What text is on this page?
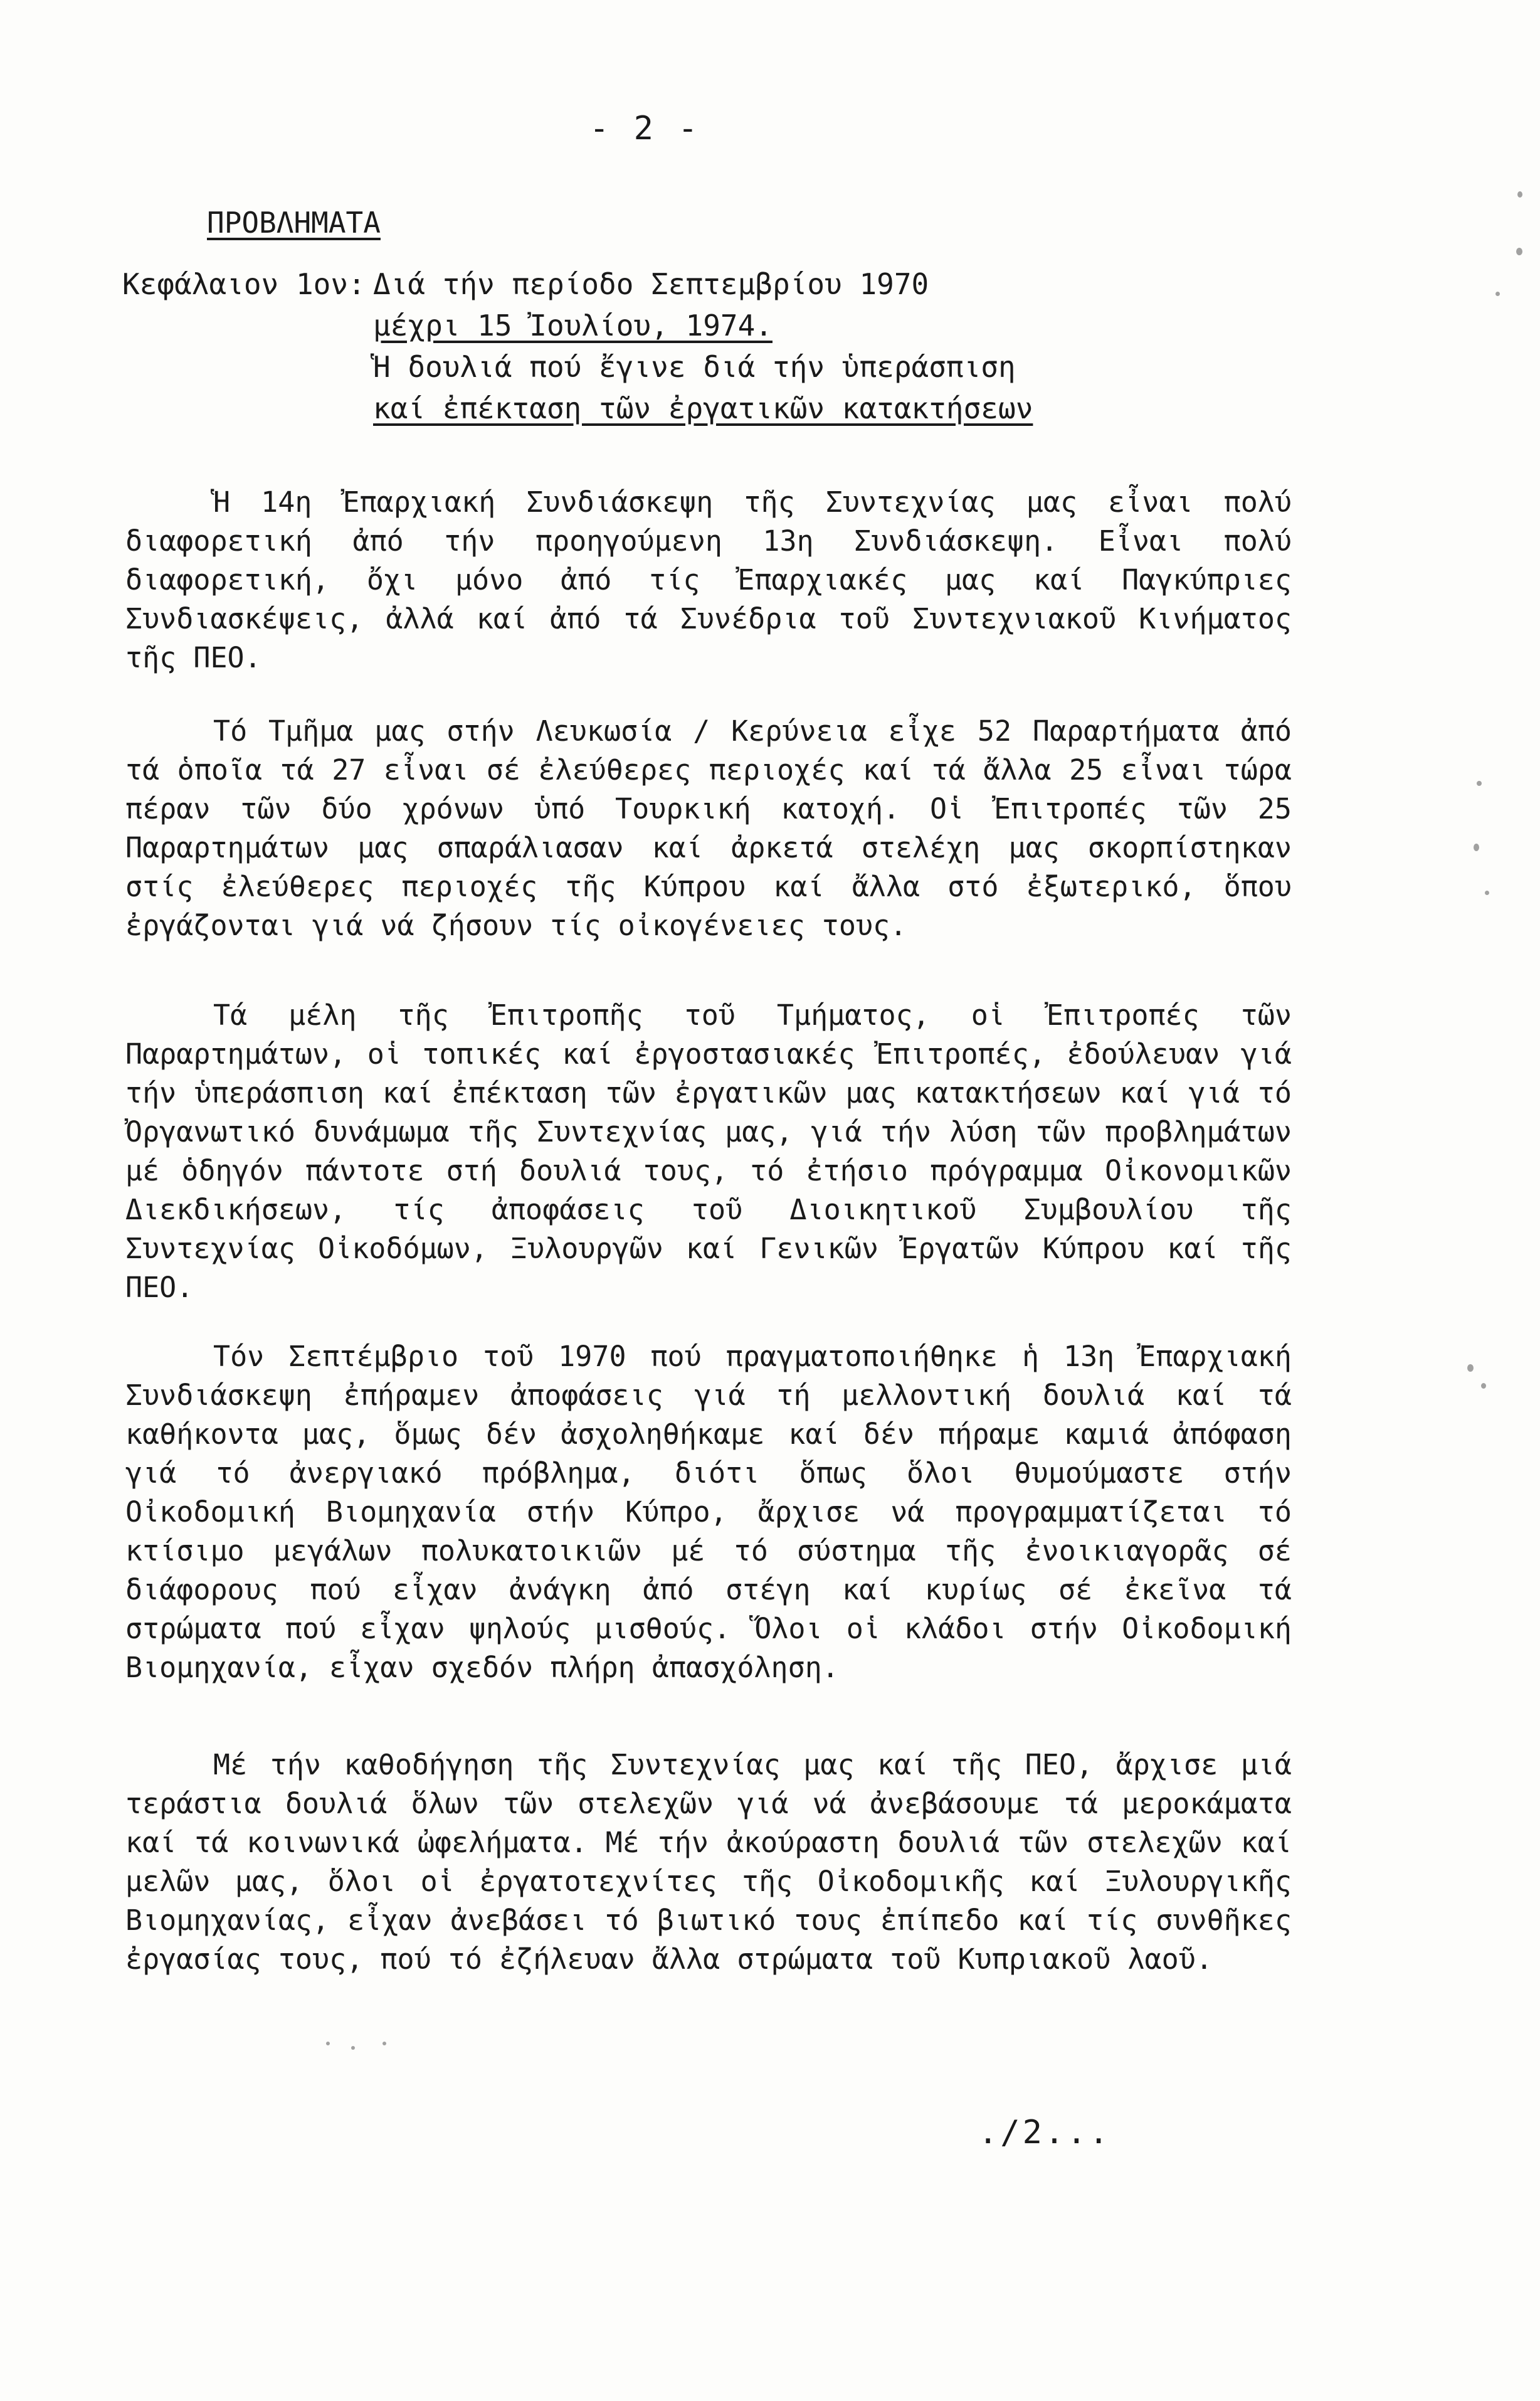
- 2 -
ΠΡΟΒΛΗΜΑΤΑ
Κεφάλαιον 1ον: Διά τήν περίοδο Σεπτεμβρίου 1970
μέχρι 15 Ἰουλίου, 1974.
Ἡ δουλιά πού ἔγινε διά τήν ὑπεράσπιση
καί ἐπέκταση τῶν ἐργατικῶν κατακτήσεων

Ἡ 14η Ἐπαρχιακή Συνδιάσκεψη τῆς Συντεχνίας μας εἶναι πολύ διαφορετική ἀπό τήν προηγούμενη 13η Συνδιάσκεψη. Εἶναι πολύ διαφορετική, ὄχι μόνο ἀπό τίς Ἐπαρχιακές μας καί Παγκύπριες Συνδιασκέψεις, ἀλλά καί ἀπό τά Συνέδρια τοῦ Συντεχνιακοῦ Κινήματος τῆς ΠΕΟ.

Τό Τμῆμα μας στήν Λευκωσία / Κερύνεια εἶχε 52 Παραρτήματα ἀπό τά ὁποῖα τά 27 εἶναι σέ ἐλεύθερες περιοχές καί τά ἄλλα 25 εἶναι τώρα πέραν τῶν δύο χρόνων ὑπό Τουρκική κατοχή. Οἱ Ἐπιτροπές τῶν 25 Παραρτημάτων μας σπαράλιασαν καί ἀρκετά στελέχη μας σκορπίστηκαν στίς ἐλεύθερες περιοχές τῆς Κύπρου καί ἄλλα στό ἐξωτερικό, ὅπου ἐργάζονται γιά νά ζήσουν τίς οἰκογένειες τους.

Τά μέλη τῆς Ἐπιτροπῆς τοῦ Τμήματος, οἱ Ἐπιτροπές τῶν Παραρτημάτων, οἱ τοπικές καί ἐργοστασιακές Ἐπιτροπές, ἐδούλευαν γιά τήν ὑπεράσπιση καί ἐπέκταση τῶν ἐργατικῶν μας κατακτήσεων καί γιά τό Ὀργανωτικό δυνάμωμα τῆς Συντεχνίας μας, γιά τήν λύση τῶν προβλημάτων μέ ὁδηγόν πάντοτε στή δουλιά τους, τό ἐτήσιο πρόγραμμα Οἰκονομικῶν Διεκδικήσεων, τίς ἀποφάσεις τοῦ Διοικητικοῦ Συμβουλίου τῆς Συντεχνίας Οἰκοδόμων, Ξυλουργῶν καί Γενικῶν Ἐργατῶν Κύπρου καί τῆς ΠΕΟ.

Τόν Σεπτέμβριο τοῦ 1970 πού πραγματοποιήθηκε ἡ 13η Ἐπαρχιακή Συνδιάσκεψη ἐπήραμεν ἀποφάσεις γιά τή μελλοντική δουλιά καί τά καθήκοντα μας, ὅμως δέν ἀσχοληθήκαμε καί δέν πήραμε καμιά ἀπόφαση γιά τό ἀνεργιακό πρόβλημα, διότι ὅπως ὅλοι θυμούμαστε στήν Οἰκοδομική Βιομηχανία στήν Κύπρο, ἄρχισε νά προγραμματίζεται τό κτίσιμο μεγάλων πολυκατοικιῶν μέ τό σύστημα τῆς ἐνοικιαγορᾶς σέ διάφορους πού εἶχαν ἀνάγκη ἀπό στέγη καί κυρίως σέ ἐκεῖνα τά στρώματα πού εἶχαν ψηλούς μισθούς. Ὅλοι οἱ κλάδοι στήν Οἰκοδομική Βιομηχανία, εἶχαν σχεδόν πλήρη ἀπασχόληση.

Μέ τήν καθοδήγηση τῆς Συντεχνίας μας καί τῆς ΠΕΟ, ἄρχισε μιά τεράστια δουλιά ὅλων τῶν στελεχῶν γιά νά ἀνεβάσουμε τά μεροκάματα καί τά κοινωνικά ὠφελήματα. Μέ τήν ἀκούραστη δουλιά τῶν στελεχῶν καί μελῶν μας, ὅλοι οἱ ἐργατοτεχνίτες τῆς Οἰκοδομικῆς καί Ξυλουργικῆς Βιομηχανίας, εἶχαν ἀνεβάσει τό βιωτικό τους ἐπίπεδο καί τίς συνθῆκες ἐργασίας τους, πού τό ἐζήλευαν ἄλλα στρώματα τοῦ Κυπριακοῦ λαοῦ.

./2...
